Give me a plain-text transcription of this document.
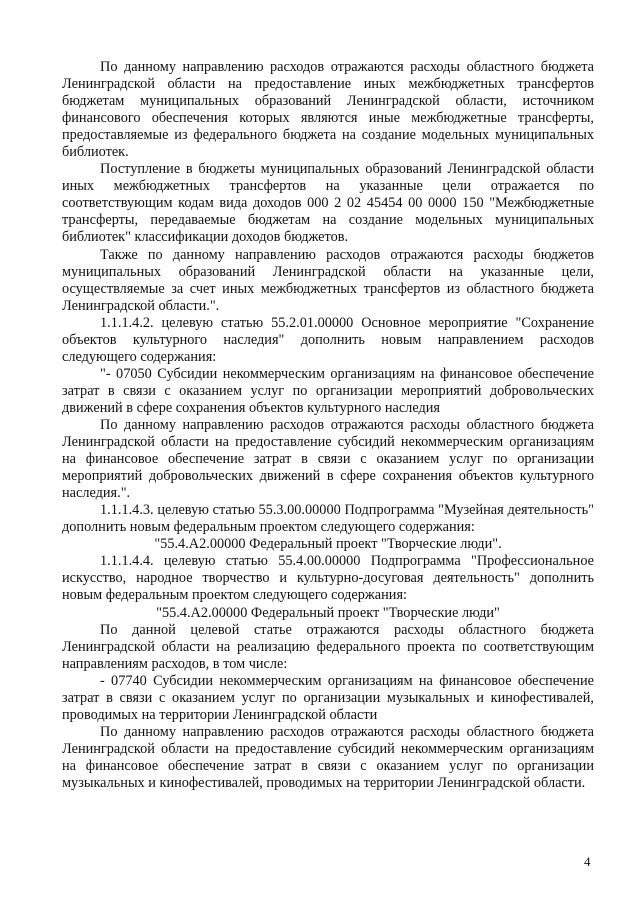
По данному направлению расходов отражаются расходы областного бюджета Ленинградской области на предоставление иных межбюджетных трансфертов бюджетам муниципальных образований Ленинградской области, источником финансового обеспечения которых являются иные межбюджетные трансферты, предоставляемые из федерального бюджета на создание модельных муниципальных библиотек.

Поступление в бюджеты муниципальных образований Ленинградской области иных межбюджетных трансфертов на указанные цели отражается по соответствующим кодам вида доходов 000 2 02 45454 00 0000 150 "Межбюджетные трансферты, передаваемые бюджетам на создание модельных муниципальных библиотек" классификации доходов бюджетов.

Также по данному направлению расходов отражаются расходы бюджетов муниципальных образований Ленинградской области на указанные цели, осуществляемые за счет иных межбюджетных трансфертов из областного бюджета Ленинградской области.".

1.1.1.4.2. целевую статью 55.2.01.00000 Основное мероприятие "Сохранение объектов культурного наследия" дополнить новым направлением расходов следующего содержания:

"- 07050 Субсидии некоммерческим организациям на финансовое обеспечение затрат в связи с оказанием услуг по организации мероприятий добровольческих движений в сфере сохранения объектов культурного наследия

По данному направлению расходов отражаются расходы областного бюджета Ленинградской области на предоставление субсидий некоммерческим организациям на финансовое обеспечение затрат в связи с оказанием услуг по организации мероприятий добровольческих движений в сфере сохранения объектов культурного наследия.".

1.1.1.4.3. целевую статью 55.3.00.00000 Подпрограмма "Музейная деятельность" дополнить новым федеральным проектом следующего содержания:

"55.4.A2.00000 Федеральный проект "Творческие люди".

1.1.1.4.4. целевую статью 55.4.00.00000 Подпрограмма "Профессиональное искусство, народное творчество и культурно-досуговая деятельность" дополнить новым федеральным проектом следующего содержания:

"55.4.A2.00000 Федеральный проект "Творческие люди"

По данной целевой статье отражаются расходы областного бюджета Ленинградской области на реализацию федерального проекта по соответствующим направлениям расходов, в том числе:

- 07740 Субсидии некоммерческим организациям на финансовое обеспечение затрат в связи с оказанием услуг по организации музыкальных и кинофестивалей, проводимых на территории Ленинградской области

По данному направлению расходов отражаются расходы областного бюджета Ленинградской области на предоставление субсидий некоммерческим организациям на финансовое обеспечение затрат в связи с оказанием услуг по организации музыкальных и кинофестивалей, проводимых на территории Ленинградской области.

4
